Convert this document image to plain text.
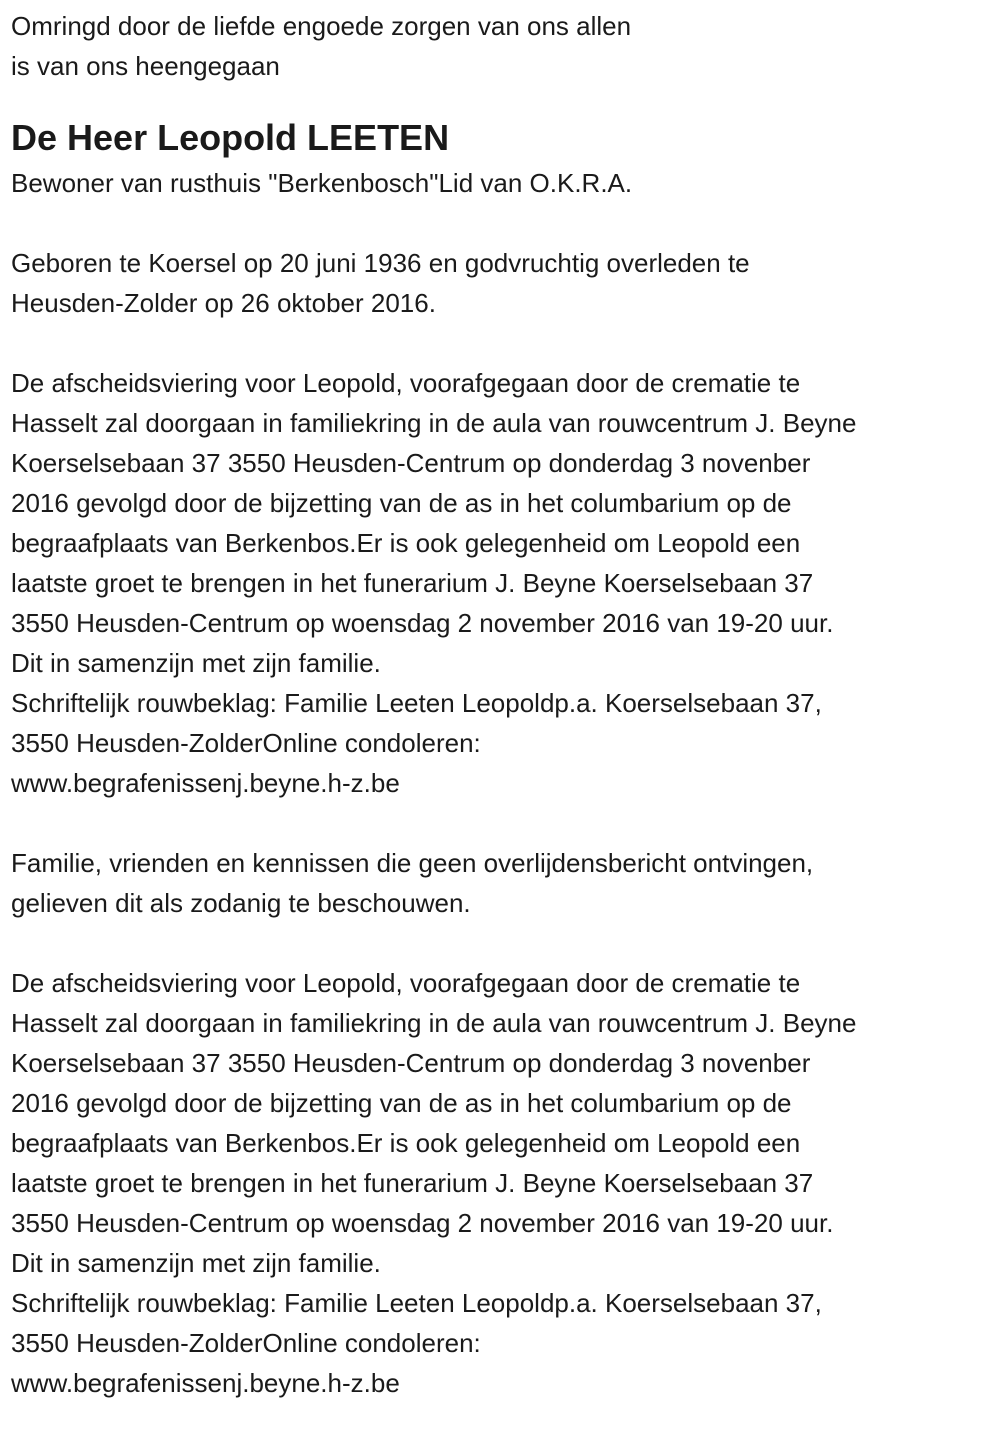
Omringd door de liefde engoede zorgen van ons allen
is van ons heengegaan
De Heer Leopold LEETEN
Bewoner van rusthuis "Berkenbosch"Lid van O.K.R.A.
Geboren te Koersel op 20 juni 1936 en godvruchtig overleden te
Heusden-Zolder op 26 oktober 2016.
De afscheidsviering voor Leopold, voorafgegaan door de crematie te
Hasselt zal doorgaan in familiekring in de aula van rouwcentrum J. Beyne
Koerselsebaan 37 3550 Heusden-Centrum op donderdag 3 novenber
2016 gevolgd door de bijzetting van de as in het columbarium op de
begraafplaats van Berkenbos.Er is ook gelegenheid om Leopold een
laatste groet te brengen in het funerarium J. Beyne Koerselsebaan 37
3550 Heusden-Centrum op woensdag 2 november 2016 van 19-20 uur.
Dit in samenzijn met zijn familie.
Schriftelijk rouwbeklag: Familie Leeten Leopoldp.a. Koerselsebaan 37,
3550 Heusden-ZolderOnline condoleren:
www.begrafenissenj.beyne.h-z.be
Familie, vrienden en kennissen die geen overlijdensbericht ontvingen,
gelieven dit als zodanig te beschouwen.
De afscheidsviering voor Leopold, voorafgegaan door de crematie te
Hasselt zal doorgaan in familiekring in de aula van rouwcentrum J. Beyne
Koerselsebaan 37 3550 Heusden-Centrum op donderdag 3 novenber
2016 gevolgd door de bijzetting van de as in het columbarium op de
begraafplaats van Berkenbos.Er is ook gelegenheid om Leopold een
laatste groet te brengen in het funerarium J. Beyne Koerselsebaan 37
3550 Heusden-Centrum op woensdag 2 november 2016 van 19-20 uur.
Dit in samenzijn met zijn familie.
Schriftelijk rouwbeklag: Familie Leeten Leopoldp.a. Koerselsebaan 37,
3550 Heusden-ZolderOnline condoleren:
www.begrafenissenj.beyne.h-z.be
